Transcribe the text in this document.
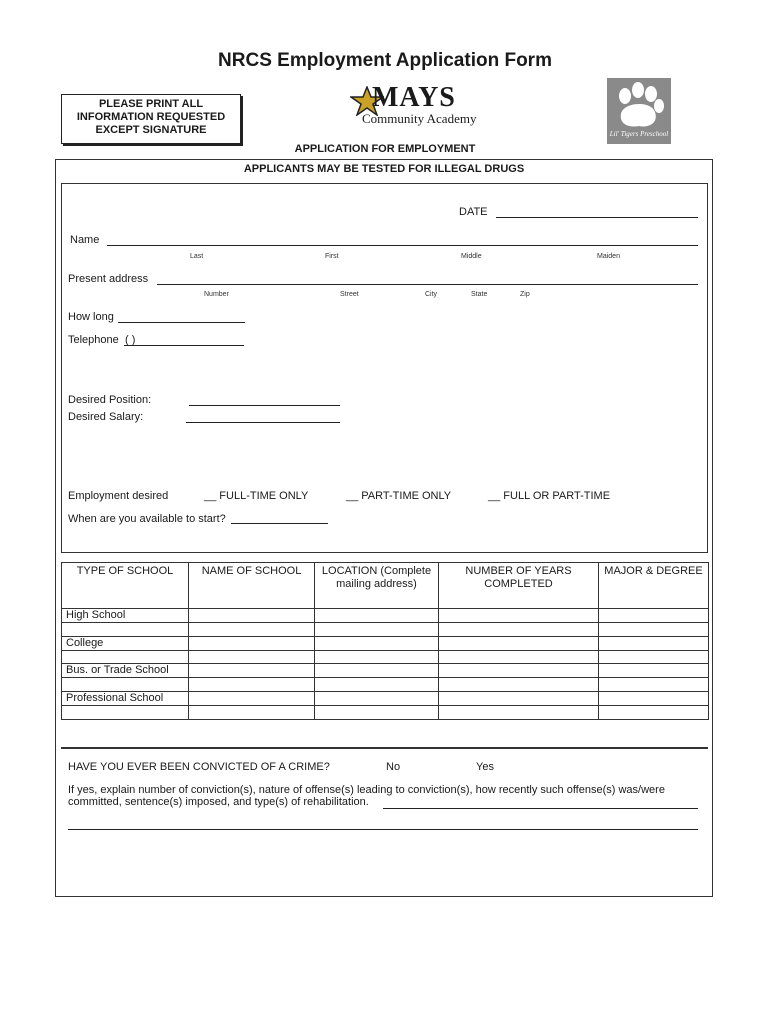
NRCS Employment Application Form
PLEASE PRINT ALL
INFORMATION REQUESTED
EXCEPT SIGNATURE
MAYS
Community Academy
Lil' Tigers Preschool
APPLICATION FOR EMPLOYMENT
APPLICANTS MAY BE TESTED FOR ILLEGAL DRUGS
DATE
Name
Last	First	Middle	Maiden
Present address
Number	Street	City	State	Zip
How long
Telephone ( )
Desired Position:
Desired Salary:
Employment desired	__ FULL-TIME ONLY	__ PART-TIME ONLY	__ FULL OR PART-TIME
When are you available to start?
TYPE OF SCHOOL	NAME OF SCHOOL	LOCATION (Complete mailing address)	NUMBER OF YEARS COMPLETED	MAJOR & DEGREE
High School				

College				

Bus. or Trade School				

Professional School				

HAVE YOU EVER BEEN CONVICTED OF A CRIME?	No	Yes
If yes, explain number of conviction(s), nature of offense(s) leading to conviction(s), how recently such offense(s) was/were committed, sentence(s) imposed, and type(s) of rehabilitation.
